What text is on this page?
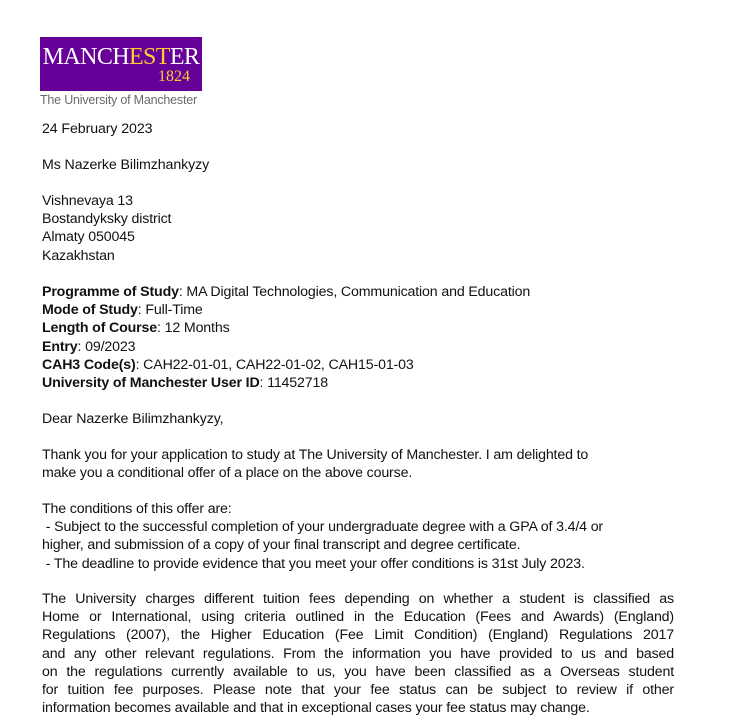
MANCHESTER
1824
The University of Manchester
24 February 2023
Ms Nazerke Bilimzhankyzy
Vishnevaya 13
Bostandyksky district
Almaty 050045
Kazakhstan
Programme of Study: MA Digital Technologies, Communication and Education
Mode of Study: Full-Time
Length of Course: 12 Months
Entry: 09/2023
CAH3 Code(s): CAH22-01-01, CAH22-01-02, CAH15-01-03
University of Manchester User ID: 11452718
Dear Nazerke Bilimzhankyzy,
Thank you for your application to study at The University of Manchester. I am delighted to
make you a conditional offer of a place on the above course.
The conditions of this offer are:
- Subject to the successful completion of your undergraduate degree with a GPA of 3.4/4 or
higher, and submission of a copy of your final transcript and degree certificate.
- The deadline to provide evidence that you meet your offer conditions is 31st July 2023.
The University charges different tuition fees depending on whether a student is classified as
Home or International, using criteria outlined in the Education (Fees and Awards) (England)
Regulations (2007), the Higher Education (Fee Limit Condition) (England) Regulations 2017
and any other relevant regulations. From the information you have provided to us and based
on the regulations currently available to us, you have been classified as a Overseas student
for tuition fee purposes. Please note that your fee status can be subject to review if other
information becomes available and that in exceptional cases your fee status may change.
